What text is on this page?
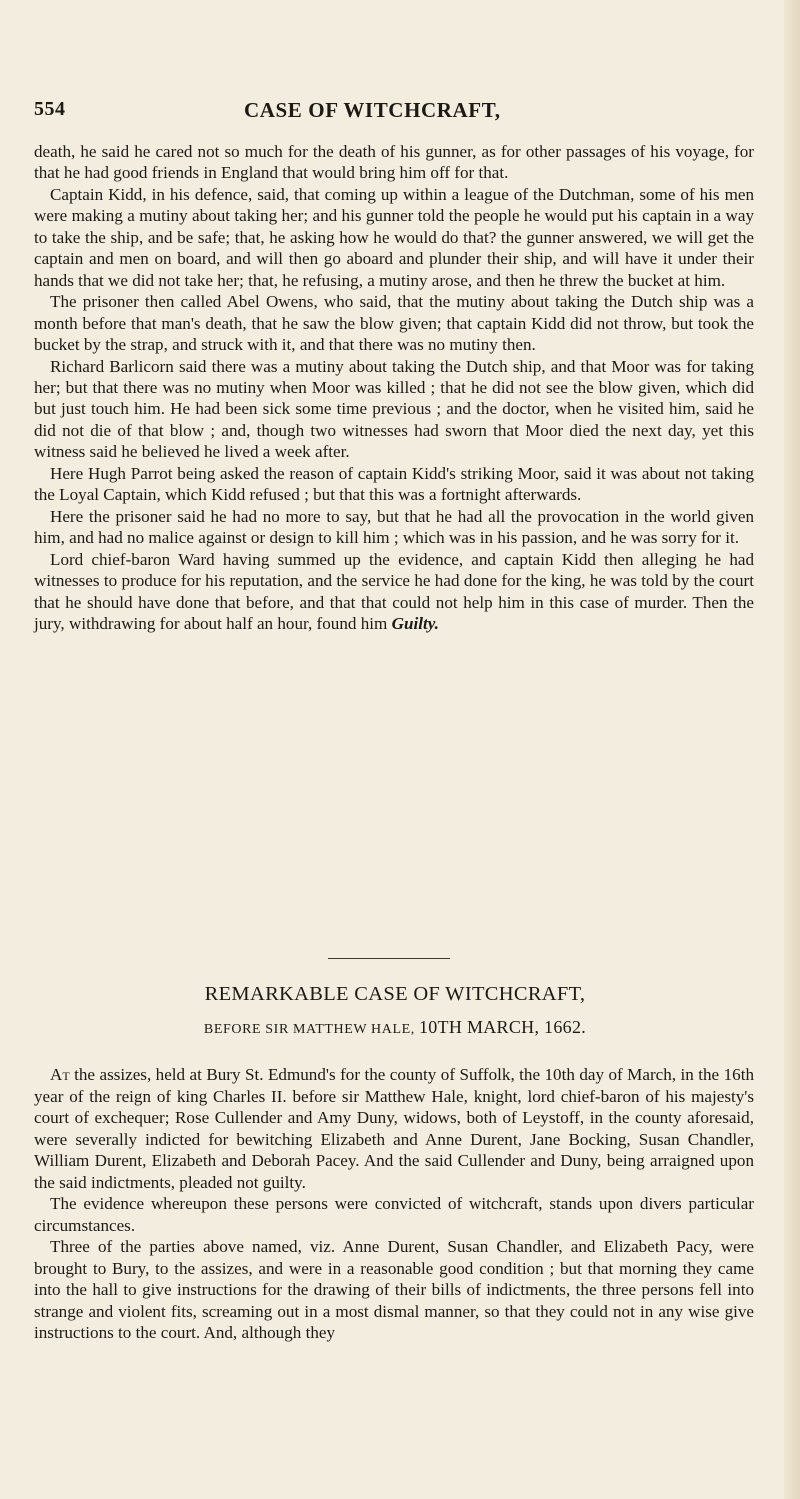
554	CASE OF WITCHCRAFT,

death, he said he cared not so much for the death of his gunner, as for other passages of his voyage, for that he had good friends in England that would bring him off for that.

Captain Kidd, in his defence, said, that coming up within a league of the Dutchman, some of his men were making a mutiny about taking her; and his gunner told the people he would put his captain in a way to take the ship, and be safe; that, he asking how he would do that? the gunner answered, we will get the captain and men on board, and will then go aboard and plunder their ship, and will have it under their hands that we did not take her; that, he refusing, a mutiny arose, and then he threw the bucket at him.

The prisoner then called Abel Owens, who said, that the mutiny about taking the Dutch ship was a month before that man's death, that he saw the blow given; that captain Kidd did not throw, but took the bucket by the strap, and struck with it, and that there was no mutiny then.

Richard Barlicorn said there was a mutiny about taking the Dutch ship, and that Moor was for taking her; but that there was no mutiny when Moor was killed ; that he did not see the blow given, which did but just touch him. He had been sick some time previous ; and the doctor, when he visited him, said he did not die of that blow ; and, though two witnesses had sworn that Moor died the next day, yet this witness said he believed he lived a week after.

Here Hugh Parrot being asked the reason of captain Kidd's striking Moor, said it was about not taking the Loyal Captain, which Kidd refused ; but that this was a fortnight afterwards.

Here the prisoner said he had no more to say, but that he had all the provocation in the world given him, and had no malice against or design to kill him ; which was in his passion, and he was sorry for it.

Lord chief-baron Ward having summed up the evidence, and captain Kidd then alleging he had witnesses to produce for his reputation, and the service he had done for the king, he was told by the court that he should have done that before, and that that could not help him in this case of murder. Then the jury, withdrawing for about half an hour, found him Guilty.

REMARKABLE CASE OF WITCHCRAFT,
BEFORE SIR MATTHEW HALE, 10TH MARCH, 1662.

At the assizes, held at Bury St. Edmund's for the county of Suffolk, the 10th day of March, in the 16th year of the reign of king Charles II. before sir Matthew Hale, knight, lord chief-baron of his majesty's court of exchequer; Rose Cullender and Amy Duny, widows, both of Leystoff, in the county aforesaid, were severally indicted for bewitching Elizabeth and Anne Durent, Jane Bocking, Susan Chandler, William Durent, Elizabeth and Deborah Pacey. And the said Cullender and Duny, being arraigned upon the said indictments, pleaded not guilty.

The evidence whereupon these persons were convicted of witchcraft, stands upon divers particular circumstances.

Three of the parties above named, viz. Anne Durent, Susan Chandler, and Elizabeth Pacy, were brought to Bury, to the assizes, and were in a reasonable good condition ; but that morning they came into the hall to give instructions for the drawing of their bills of indictments, the three persons fell into strange and violent fits, screaming out in a most dismal manner, so that they could not in any wise give instructions to the court. And, although they
